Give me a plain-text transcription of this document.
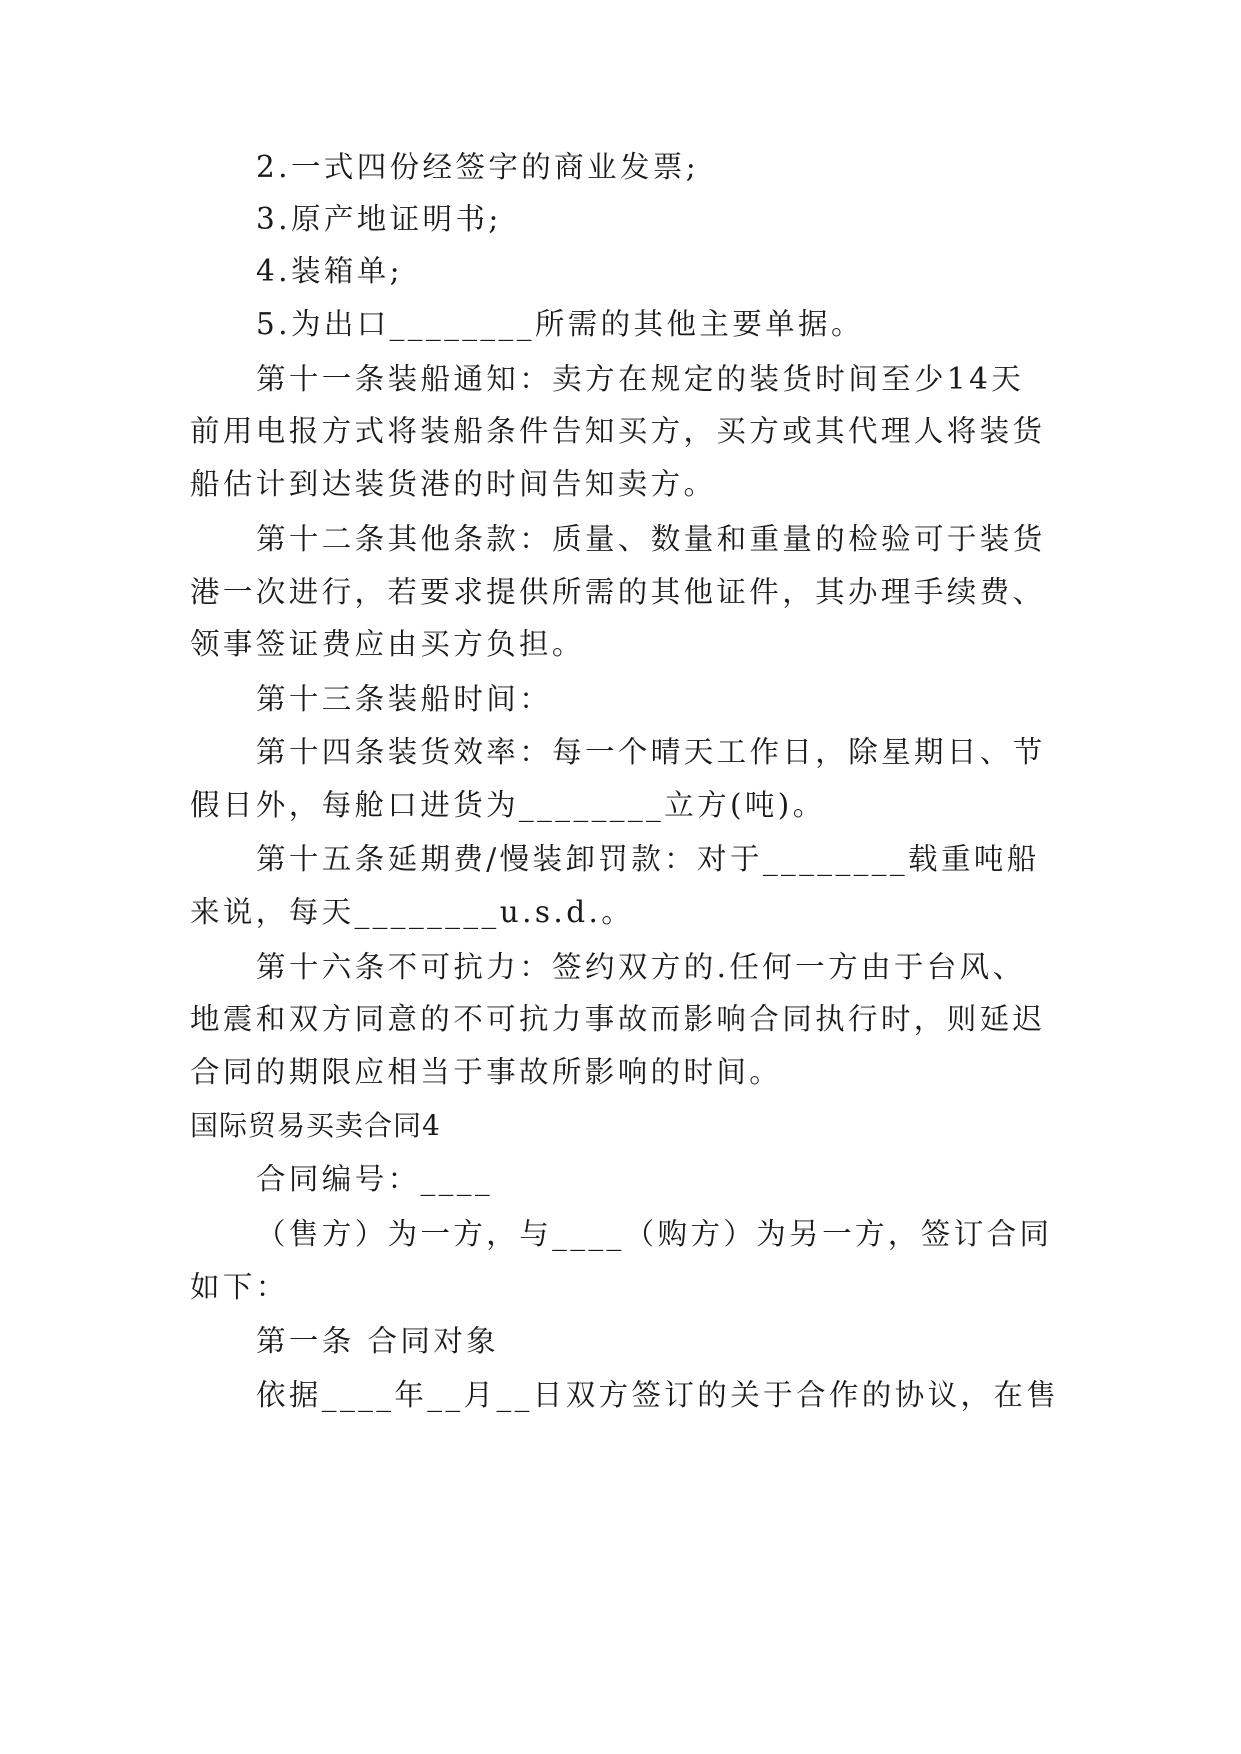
2.一式四份经签字的商业发票;
3.原产地证明书;
4.装箱单;
5.为出口________所需的其他主要单据。
第十一条装船通知：卖方在规定的装货时间至少14天
前用电报方式将装船条件告知买方，买方或其代理人将装货
船估计到达装货港的时间告知卖方。
第十二条其他条款：质量、数量和重量的检验可于装货
港一次进行，若要求提供所需的其他证件，其办理手续费、
领事签证费应由买方负担。
第十三条装船时间：
第十四条装货效率：每一个晴天工作日，除星期日、节
假日外，每舱口进货为________立方(吨)。
第十五条延期费/慢装卸罚款：对于________载重吨船
来说，每天________u.s.d.。
第十六条不可抗力：签约双方的.任何一方由于台风、
地震和双方同意的不可抗力事故而影响合同执行时，则延迟
合同的期限应相当于事故所影响的时间。
国际贸易买卖合同4
合同编号：____
（售方）为一方，与____（购方）为另一方，签订合同
如下：
第一条 合同对象
依据____年__月__日双方签订的关于合作的协议，在售
